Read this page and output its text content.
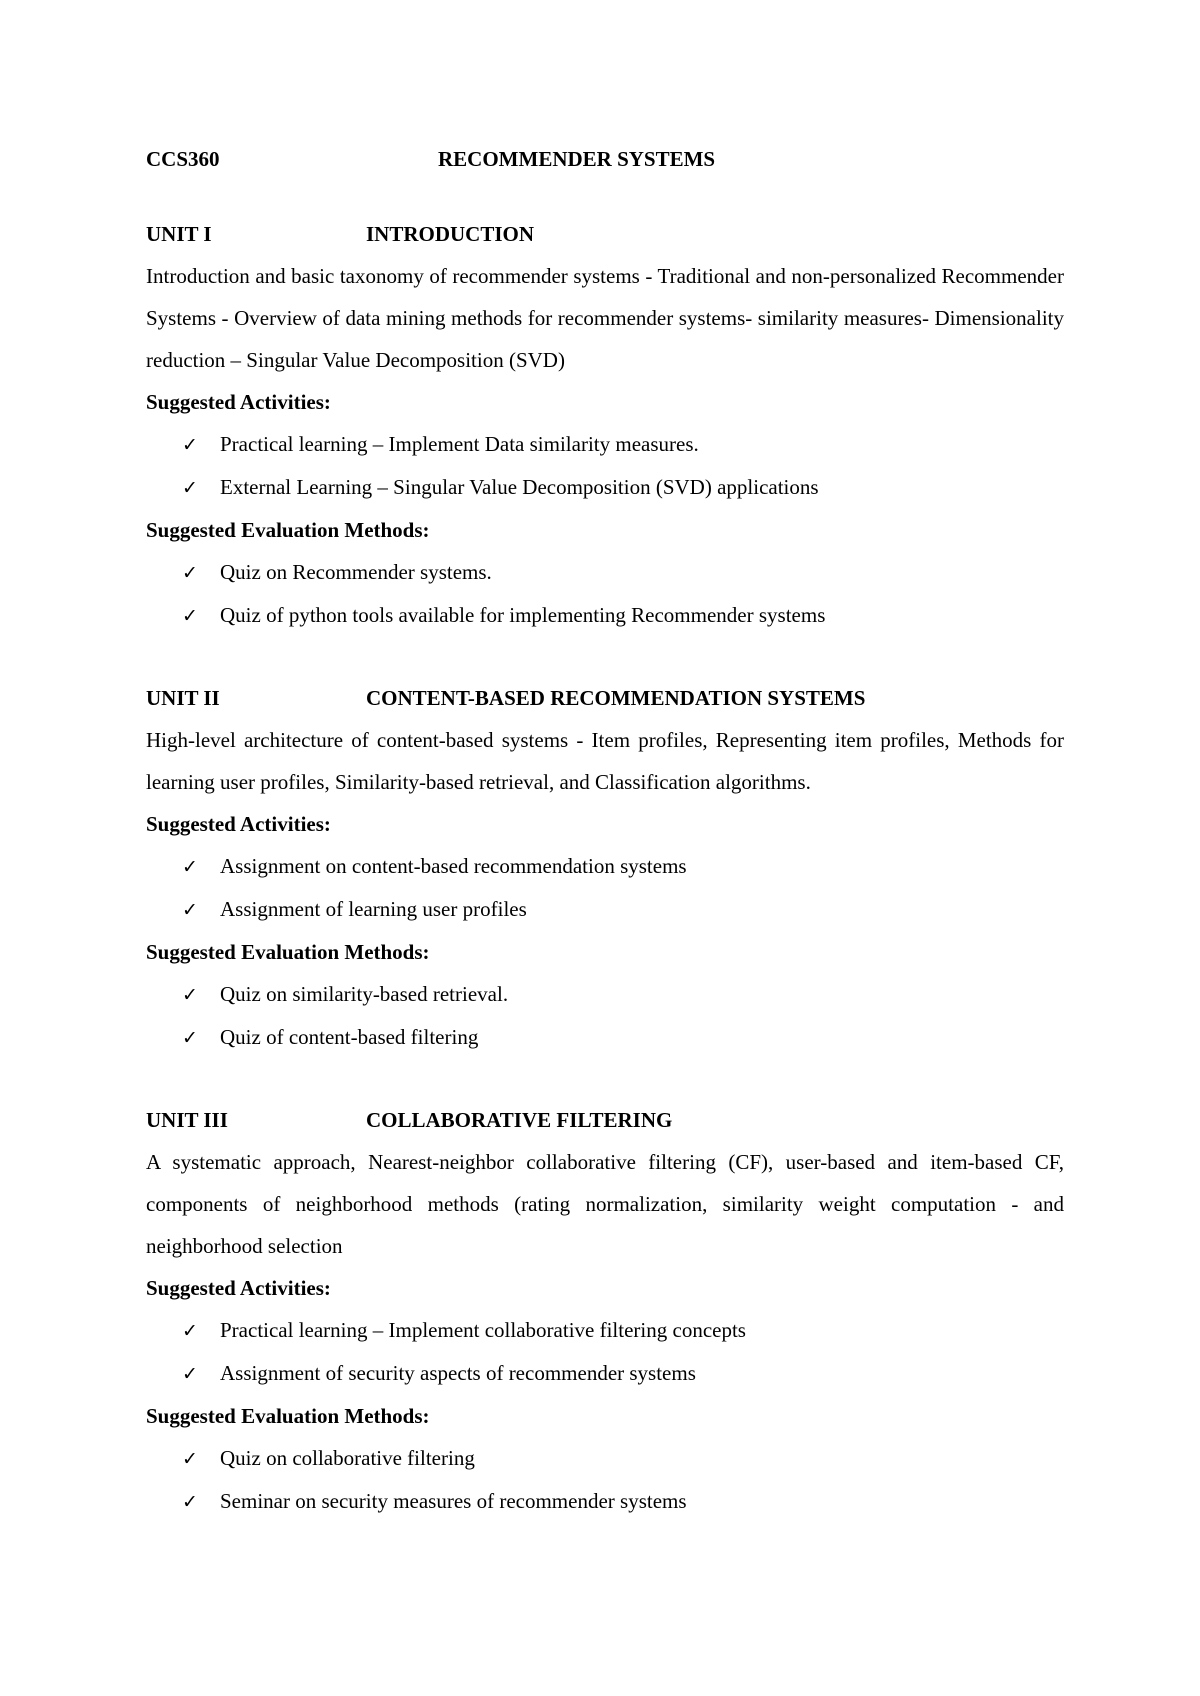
CCS360	RECOMMENDER SYSTEMS
UNIT I	INTRODUCTION

Introduction and basic taxonomy of recommender systems - Traditional and non-personalized Recommender Systems - Overview of data mining methods for recommender systems- similarity measures- Dimensionality reduction – Singular Value Decomposition (SVD)

Suggested Activities:
✓	Practical learning – Implement Data similarity measures.
✓	External Learning – Singular Value Decomposition (SVD) applications
Suggested Evaluation Methods:
✓	Quiz on Recommender systems.
✓	Quiz of python tools available for implementing Recommender systems
UNIT II	CONTENT-BASED RECOMMENDATION SYSTEMS

High-level architecture of content-based systems - Item profiles, Representing item profiles, Methods for learning user profiles, Similarity-based retrieval, and Classification algorithms.

Suggested Activities:
✓	Assignment on content-based recommendation systems
✓	Assignment of learning user profiles
Suggested Evaluation Methods:
✓	Quiz on similarity-based retrieval.
✓	Quiz of content-based filtering
UNIT III	COLLABORATIVE FILTERING

A systematic approach, Nearest-neighbor collaborative filtering (CF), user-based and item-based CF, components of neighborhood methods (rating normalization, similarity weight computation - and neighborhood selection

Suggested Activities:
✓	Practical learning – Implement collaborative filtering concepts
✓	Assignment of security aspects of recommender systems
Suggested Evaluation Methods:
✓	Quiz on collaborative filtering
✓	Seminar on security measures of recommender systems
